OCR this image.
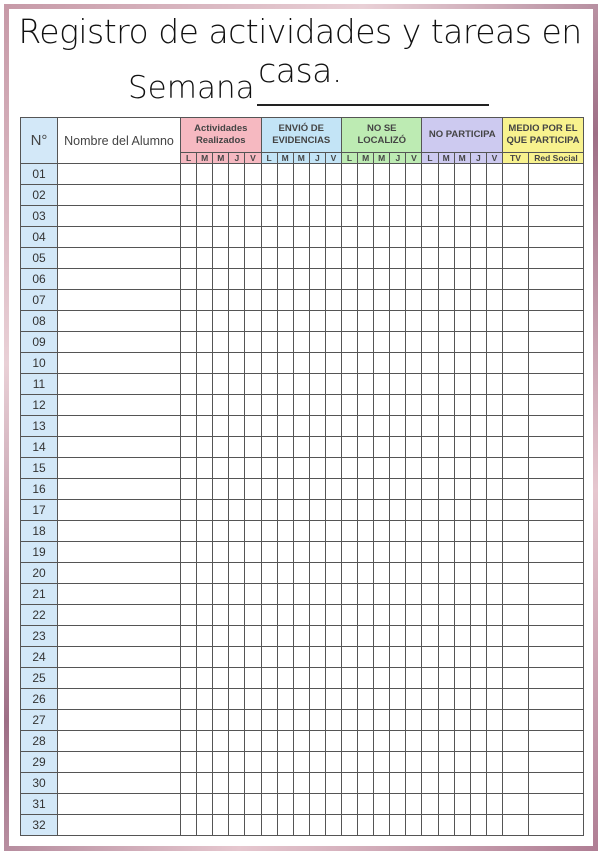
Registro de actividades y tareas en casa.
Semana
N°	Nombre del Alumno	Actividades Realizados					ENVIÓ DE EVIDENCIAS					NO SE LOCALIZÓ					NO PARTICIPA					MEDIO POR EL QUE PARTICIPA	
		L	M	M	J	V	L	M	M	J	V	L	M	M	J	V	L	M	M	J	V	TV	Red Social
01																							
02																							
03																							
04																							
05																							
06																							
07																							
08																							
09																							
10																							
11																							
12																							
13																							
14																							
15																							
16																							
17																							
18																							
19																							
20																							
21																							
22																							
23																							
24																							
25																							
26																							
27																							
28																							
29																							
30																							
31																							
32																							
